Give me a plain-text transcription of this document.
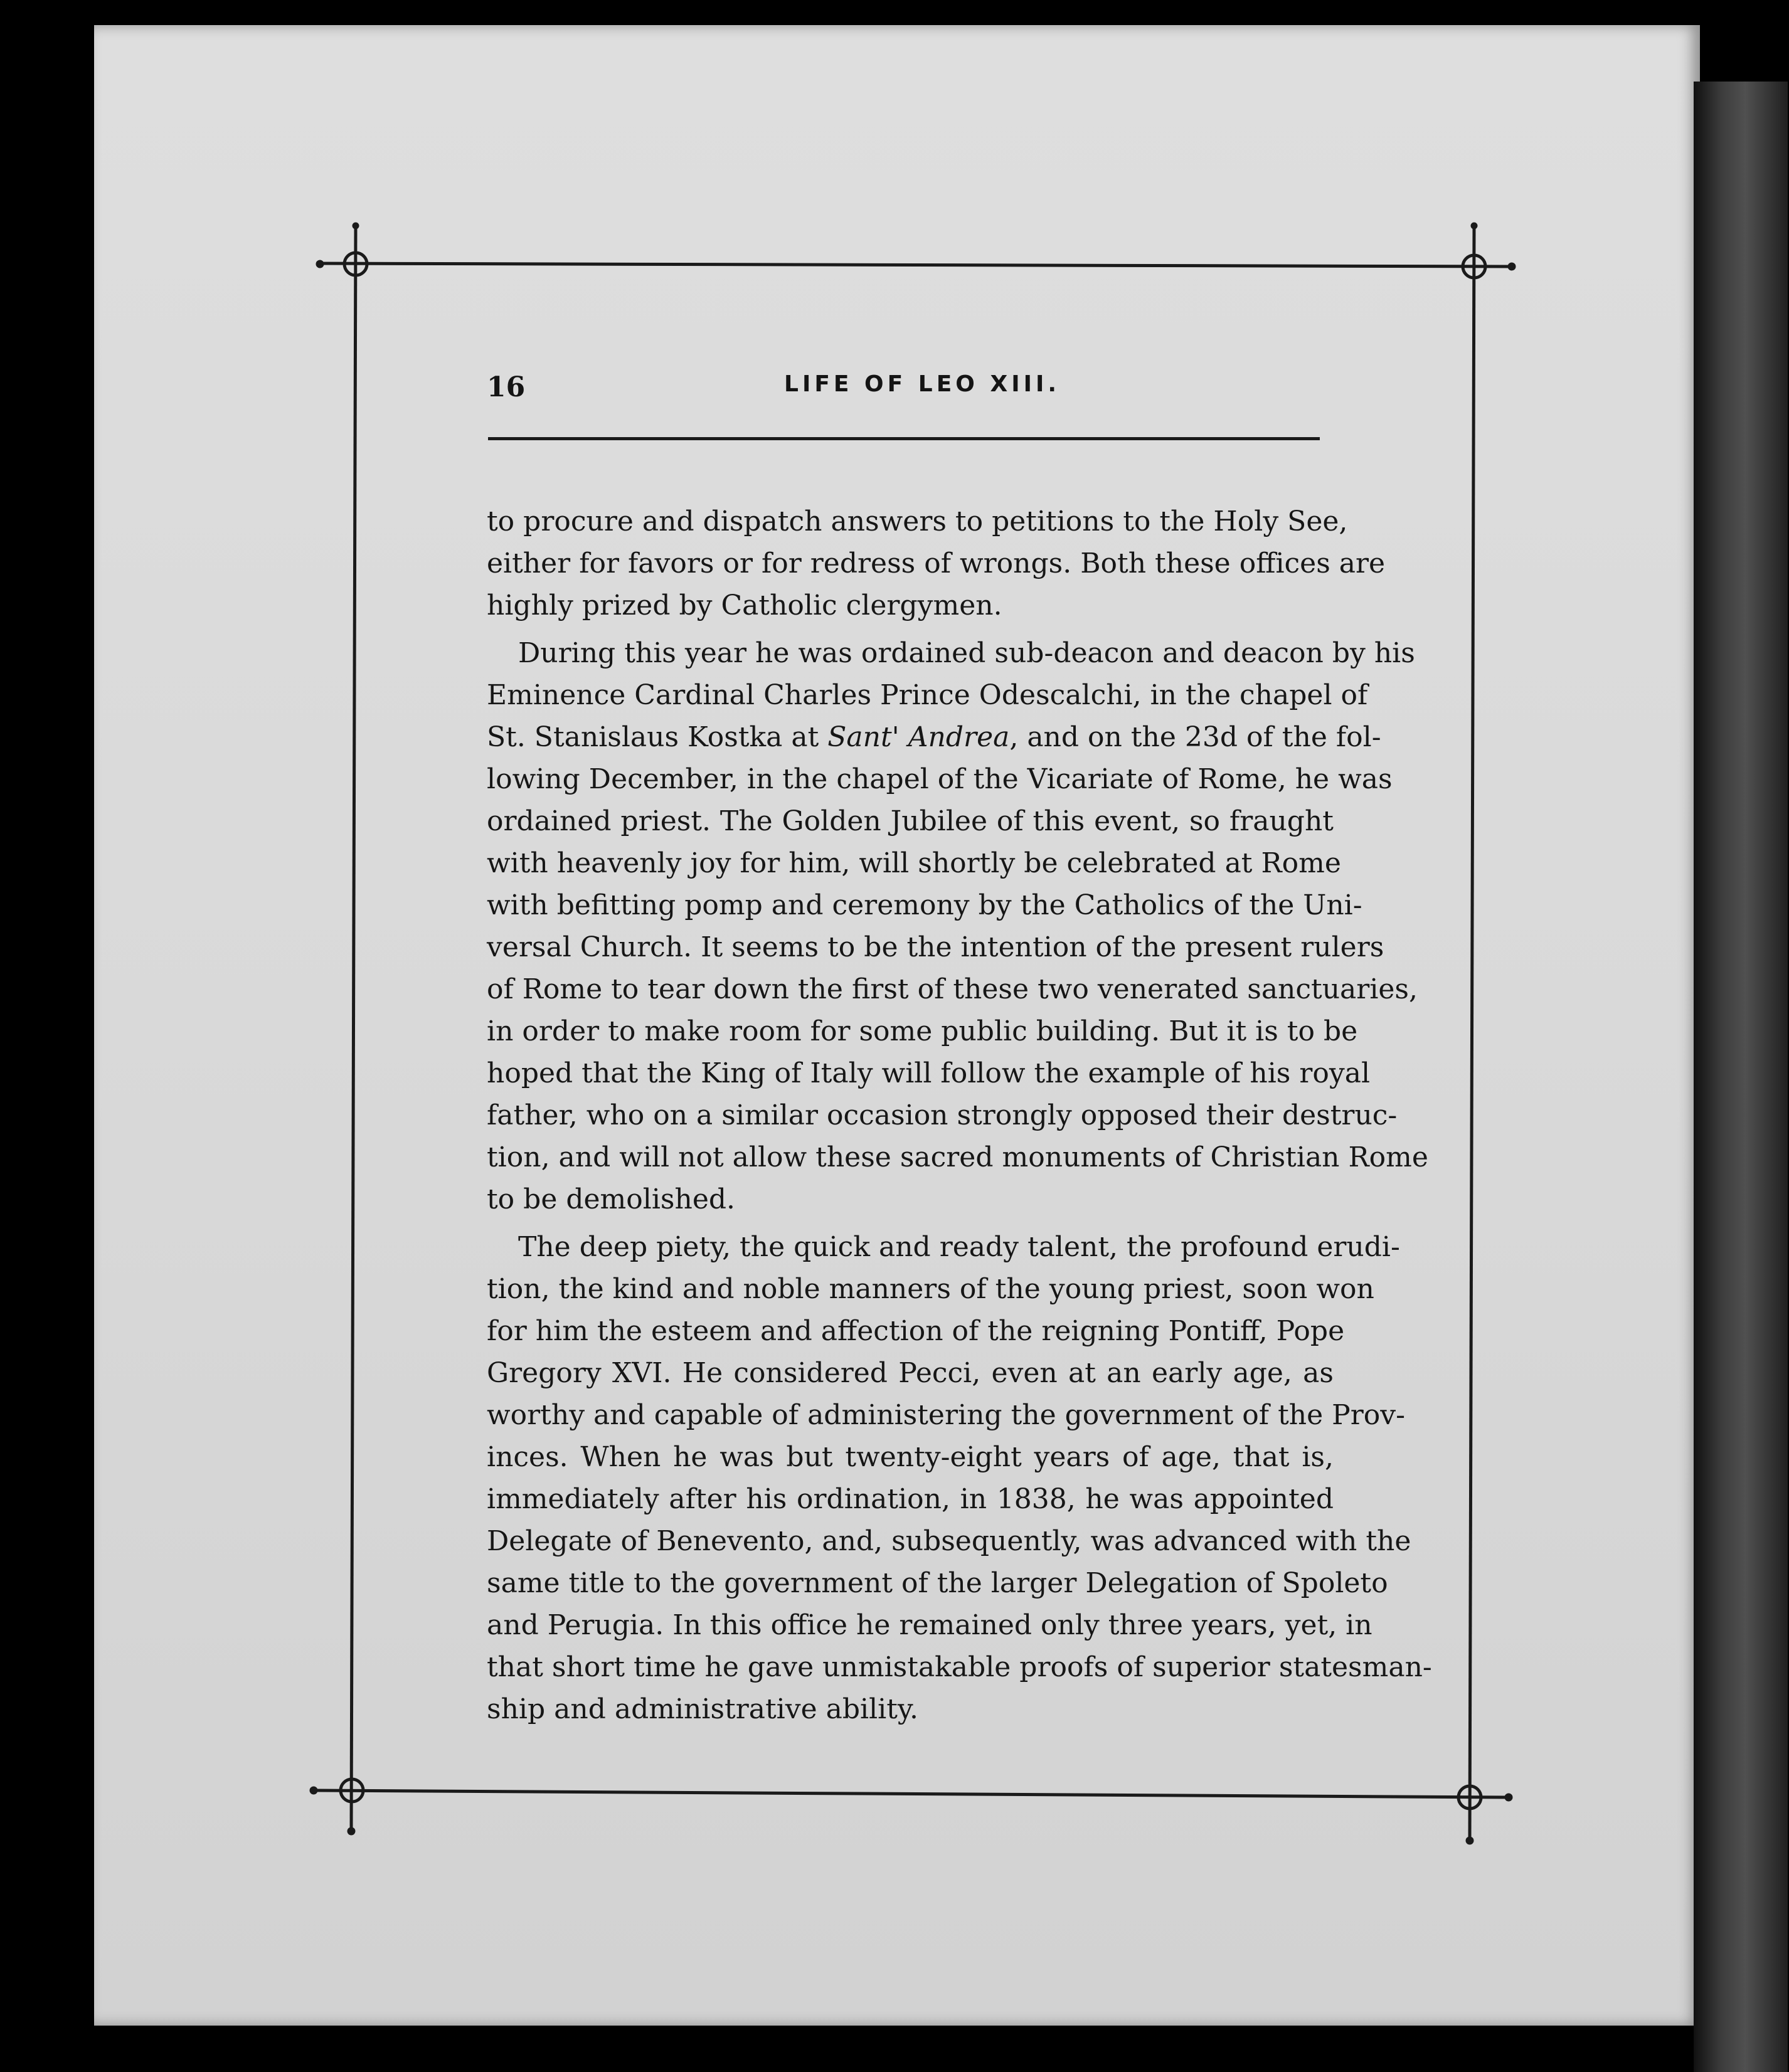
16	LIFE OF LEO XIII.
to procure and dispatch answers to petitions to the Holy See,
either for favors or for redress of wrongs. Both these offices are
highly prized by Catholic clergymen.
During this year he was ordained sub-deacon and deacon by his
Eminence Cardinal Charles Prince Odescalchi, in the chapel of
St. Stanislaus Kostka at Sant' Andrea, and on the 23d of the fol-
lowing December, in the chapel of the Vicariate of Rome, he was
ordained priest. The Golden Jubilee of this event, so fraught
with heavenly joy for him, will shortly be celebrated at Rome
with befitting pomp and ceremony by the Catholics of the Uni-
versal Church. It seems to be the intention of the present rulers
of Rome to tear down the first of these two venerated sanctuaries,
in order to make room for some public building. But it is to be
hoped that the King of Italy will follow the example of his royal
father, who on a similar occasion strongly opposed their destruc-
tion, and will not allow these sacred monuments of Christian Rome
to be demolished.
The deep piety, the quick and ready talent, the profound erudi-
tion, the kind and noble manners of the young priest, soon won
for him the esteem and affection of the reigning Pontiff, Pope
Gregory XVI. He considered Pecci, even at an early age, as
worthy and capable of administering the government of the Prov-
inces. When he was but twenty-eight years of age, that is,
immediately after his ordination, in 1838, he was appointed
Delegate of Benevento, and, subsequently, was advanced with the
same title to the government of the larger Delegation of Spoleto
and Perugia. In this office he remained only three years, yet, in
that short time he gave unmistakable proofs of superior statesman-
ship and administrative ability.
